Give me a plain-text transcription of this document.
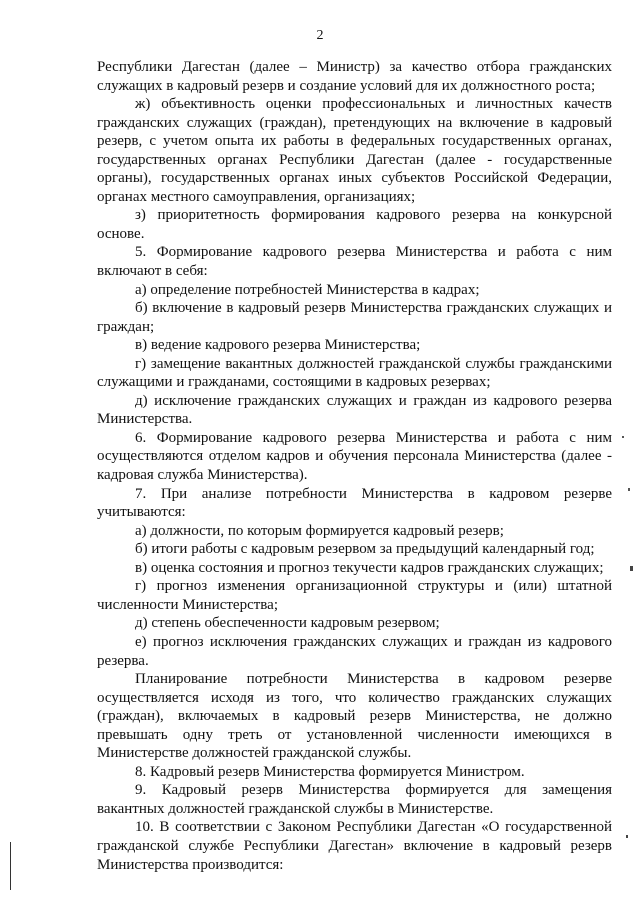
2

Республики Дагестан (далее – Министр) за качество отбора гражданских служащих в кадровый резерв и создание условий для их должностного роста;

ж) объективность оценки профессиональных и личностных качеств гражданских служащих (граждан), претендующих на включение в кадровый резерв, с учетом опыта их работы в федеральных государственных органах, государственных органах Республики Дагестан (далее - государственные органы), государственных органах иных субъектов Российской Федерации, органах местного самоуправления, организациях;

з) приоритетность формирования кадрового резерва на конкурсной основе.

5. Формирование кадрового резерва Министерства и работа с ним включают в себя:

а) определение потребностей Министерства в кадрах;

б) включение в кадровый резерв Министерства гражданских служащих и граждан;

в) ведение кадрового резерва Министерства;

г) замещение вакантных должностей гражданской службы гражданскими служащими и гражданами, состоящими в кадровых резервах;

д) исключение гражданских служащих и граждан из кадрового резерва Министерства.

6. Формирование кадрового резерва Министерства и работа с ним осуществляются отделом кадров и обучения персонала Министерства (далее - кадровая служба Министерства).

7. При анализе потребности Министерства в кадровом резерве учитываются:

а) должности, по которым формируется кадровый резерв;

б) итоги работы с кадровым резервом за предыдущий календарный год;

в) оценка состояния и прогноз текучести кадров гражданских служащих;

г) прогноз изменения организационной структуры и (или) штатной численности Министерства;

д) степень обеспеченности кадровым резервом;

е) прогноз исключения гражданских служащих и граждан из кадрового резерва.

Планирование потребности Министерства в кадровом резерве осуществляется исходя из того, что количество гражданских служащих (граждан), включаемых в кадровый резерв Министерства, не должно превышать одну треть от установленной численности имеющихся в Министерстве должностей гражданской службы.

8. Кадровый резерв Министерства формируется Министром.

9. Кадровый резерв Министерства формируется для замещения вакантных должностей гражданской службы в Министерстве.

10. В соответствии с Законом Республики Дагестан «О государственной гражданской службе Республики Дагестан» включение в кадровый резерв Министерства производится:
